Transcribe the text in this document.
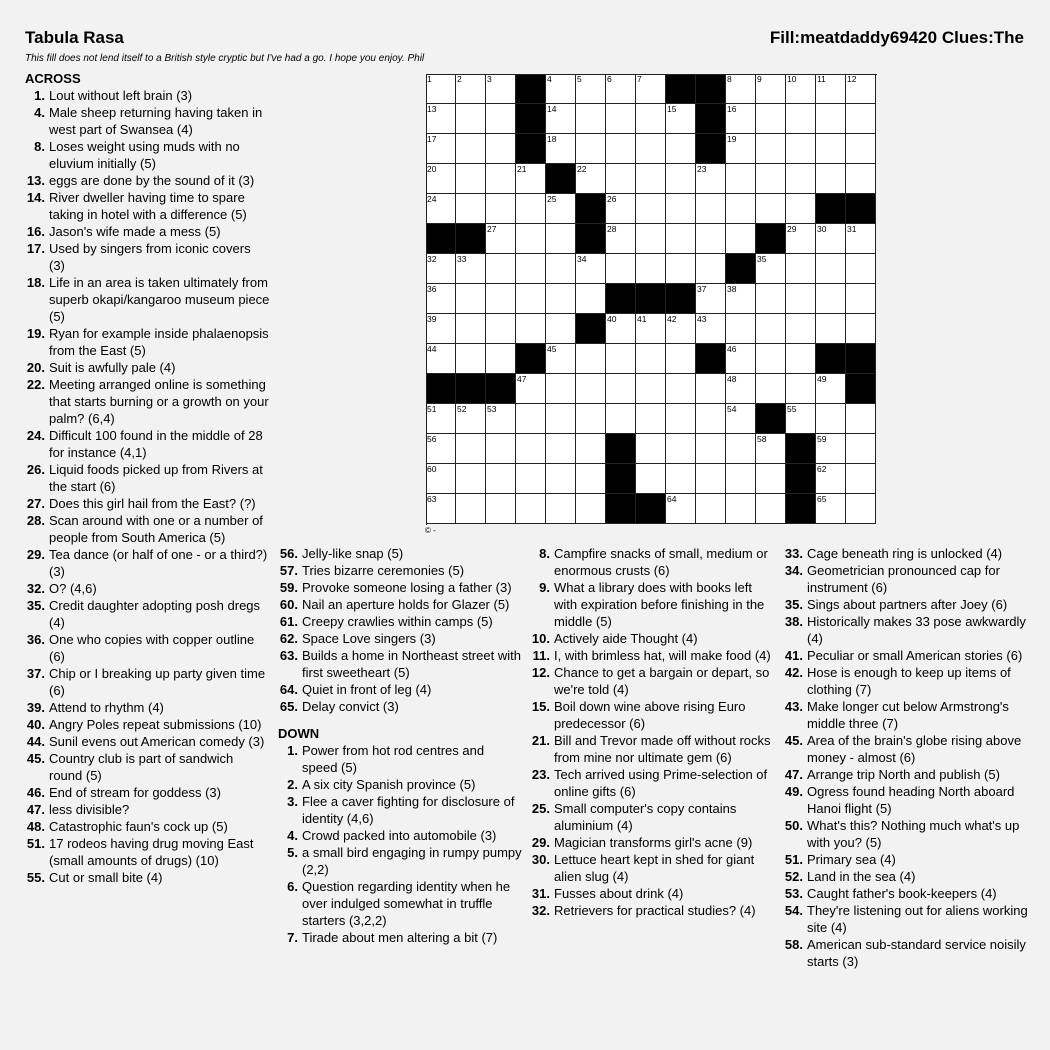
Tabula Rasa	Fill:meatdaddy69420 Clues:The
This fill does not lend itself to a British style cryptic but I've had a go. I hope you enjoy. Phil
1	2	3	4	5	6	7	8	9	10 11 12
13	14	15	16
17	18	19
20	21	22	23
24	25	26
27	28	29 30 31
32 33	34	35
36	37 38
39	40 41 42 43
44	45	46
47	48	49
51 52 53	54	55
56	58	59
60	62
63	64	65
© -
ACROSS
1. Lout without left brain (3)
4. Male sheep returning having taken in west part of Swansea (4)
8. Loses weight using muds with no eluvium initially (5)
13. eggs are done by the sound of it (3)
14. River dweller having time to spare taking in hotel with a difference (5)
16. Jason's wife made a mess (5)
17. Used by singers from iconic covers (3)
18. Life in an area is taken ultimately from superb okapi/kangaroo museum piece (5)
19. Ryan for example inside phalaenopsis from the East (5)
20. Suit is awfully pale (4)
22. Meeting arranged online is something that starts burning or a growth on your palm? (6,4)
24. Difficult 100 found in the middle of 28 for instance (4,1)
26. Liquid foods picked up from Rivers at the start (6)
27. Does this girl hail from the East? (?)
28. Scan around with one or a number of people from South America (5)
29. Tea dance (or half of one - or a third?) (3)
32. O? (4,6)
35. Credit daughter adopting posh dregs (4)
36. One who copies with copper outline (6)
37. Chip or I breaking up party given time (6)
39. Attend to rhythm (4)
40. Angry Poles repeat submissions (10)
44. Sunil evens out American comedy (3)
45. Country club is part of sandwich round (5)
46. End of stream for goddess (3)
47. less divisible?
48. Catastrophic faun's cock up (5)
51. 17 rodeos having drug moving East (small amounts of drugs) (10)
55. Cut or small bite (4)
56. Jelly-like snap (5)
57. Tries bizarre ceremonies (5)
59. Provoke someone losing a father (3)
60. Nail an aperture holds for Glazer (5)
61. Creepy crawlies within camps (5)
62. Space Love singers (3)
63. Builds a home in Northeast street with first sweetheart (5)
64. Quiet in front of leg (4)
65. Delay convict (3)
DOWN
1. Power from hot rod centres and speed (5)
2. A six city Spanish province (5)
3. Flee a caver fighting for disclosure of identity (4,6)
4. Crowd packed into automobile (3)
5. a small bird engaging in rumpy pumpy (2,2)
6. Question regarding identity when he over indulged somewhat in truffle starters (3,2,2)
7. Tirade about men altering a bit (7)
8. Campfire snacks of small, medium or enormous crusts (6)
9. What a library does with books left with expiration before finishing in the middle (5)
10. Actively aide Thought (4)
11. I, with brimless hat, will make food (4)
12. Chance to get a bargain or depart, so we're told (4)
15. Boil down wine above rising Euro predecessor (6)
21. Bill and Trevor made off without rocks from mine nor ultimate gem (6)
23. Tech arrived using Prime-selection of online gifts (6)
25. Small computer's copy contains aluminium (4)
29. Magician transforms girl's acne (9)
30. Lettuce heart kept in shed for giant alien slug (4)
31. Fusses about drink (4)
32. Retrievers for practical studies? (4)
33. Cage beneath ring is unlocked (4)
34. Geometrician pronounced cap for instrument (6)
35. Sings about partners after Joey (6)
38. Historically makes 33 pose awkwardly (4)
41. Peculiar or small American stories (6)
42. Hose is enough to keep up items of clothing (7)
43. Make longer cut below Armstrong's middle three (7)
45. Area of the brain's globe rising above money - almost (6)
47. Arrange trip North and publish (5)
49. Ogress found heading North aboard Hanoi flight (5)
50. What's this? Nothing much what's up with you? (5)
51. Primary sea (4)
52. Land in the sea (4)
53. Caught father's book-keepers (4)
54. They're listening out for aliens working site (4)
58. American sub-standard service noisily starts (3)
